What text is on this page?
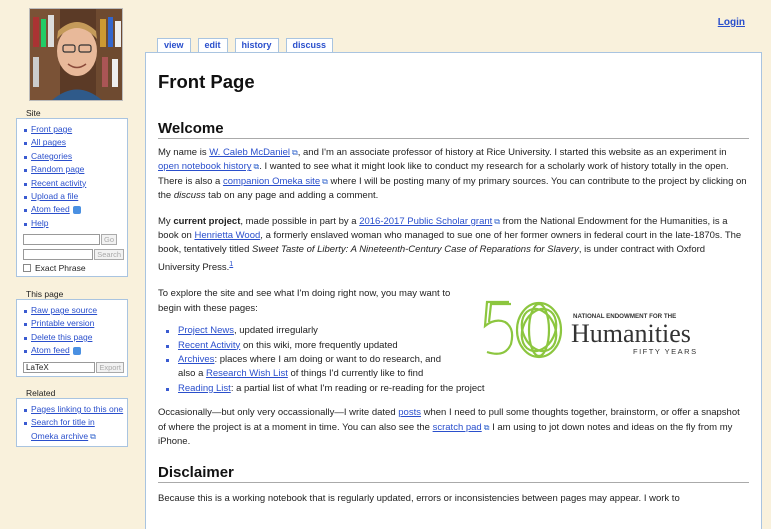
Login
view	edit	history	discuss
Site
Front page
All pages
Categories
Random page
Recent activity
Upload a file
Atom feed
Help
Go
Search
Exact Phrase
This page
Raw page source
Printable version
Delete this page
Atom feed
LaTeX	Export
Related
Pages linking to this one
Search for title in Omeka archive ⧉
Front Page
Welcome

My name is W. Caleb McDaniel ⧉, and I'm an associate professor of history at Rice University. I started this website as an experiment in open notebook history ⧉. I wanted to see what it might look like to conduct my research for a scholarly work of history totally in the open. There is also a companion Omeka site ⧉ where I will be posting many of my primary sources. You can contribute to the project by clicking on the discuss tab on any page and adding a comment.

My current project, made possible in part by a 2016-2017 Public Scholar grant ⧉ from the National Endowment for the Humanities, is a book on Henrietta Wood, a formerly enslaved woman who managed to sue one of her former owners in federal court in the late-1870s. The book, tentatively titled Sweet Taste of Liberty: A Nineteenth-Century Case of Reparations for Slavery, is under contract with Oxford University Press.$^1$

To explore the site and see what I'm doing right now, you may want to begin with these pages:

Project News, updated irregularly
Recent Activity on this wiki, more frequently updated
Archives: places where I am doing or want to do research, and also a Research Wish List of things I'd currently like to find
Reading List: a partial list of what I'm reading or re-reading for the project

Occasionally—but only very occassionally—I write dated posts when I need to pull some thoughts together, brainstorm, or offer a snapshot of where the project is at a moment in time. You can also see the scratch pad ⧉ I am using to jot down notes and ideas on the fly from my iPhone.

Disclaimer

Because this is a working notebook that is regularly updated, errors or inconsistencies between pages may appear. I work to

NATIONAL ENDOWMENT FOR THE
Humanities
FIFTY YEARS
